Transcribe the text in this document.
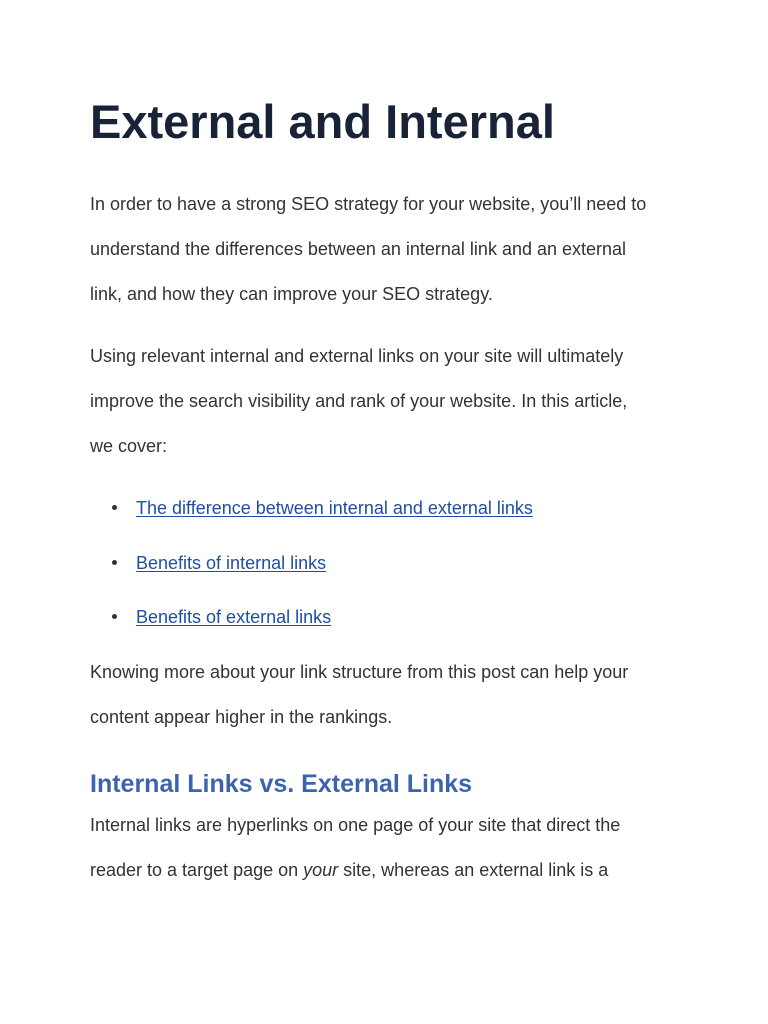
External and Internal

In order to have a strong SEO strategy for your website, you’ll need to
understand the differences between an internal link and an external
link, and how they can improve your SEO strategy.

Using relevant internal and external links on your site will ultimately
improve the search visibility and rank of your website. In this article,
we cover:

The difference between internal and external links
Benefits of internal links
Benefits of external links

Knowing more about your link structure from this post can help your
content appear higher in the rankings.

Internal Links vs. External Links

Internal links are hyperlinks on one page of your site that direct the
reader to a target page on your site, whereas an external link is a
